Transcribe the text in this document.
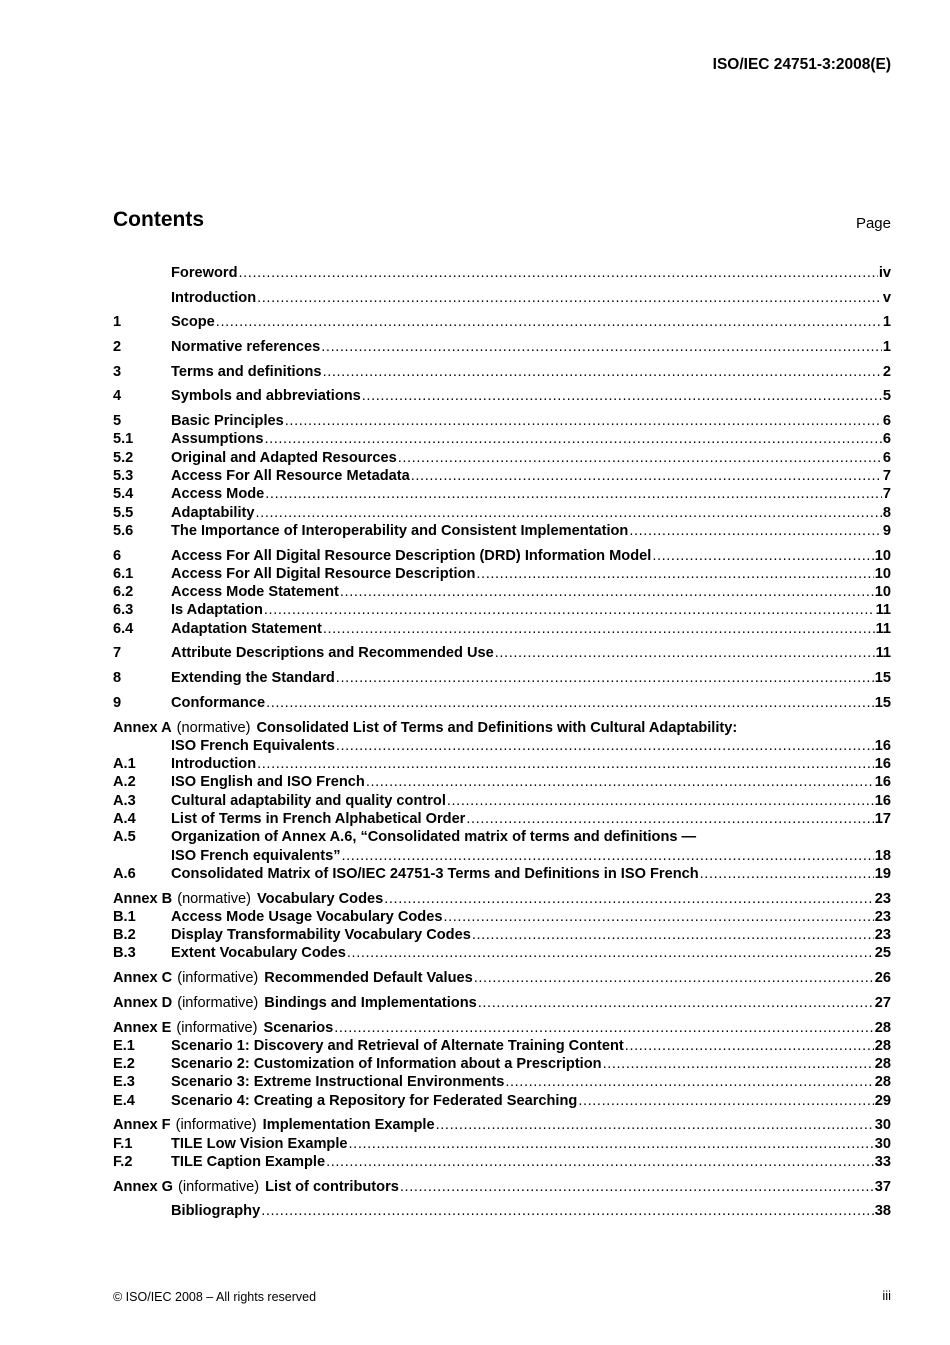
ISO/IEC 24751-3:2008(E)
Contents	Page
Foreword .....	iv
Introduction .....	v
1	Scope .....	1
2	Normative references .....	1
3	Terms and definitions .....	2
4	Symbols and abbreviations .....	5
5	Basic Principles .....	6
5.1	Assumptions .....	6
5.2	Original and Adapted Resources .....	6
5.3	Access For All Resource Metadata .....	7
5.4	Access Mode .....	7
5.5	Adaptability .....	8
5.6	The Importance of Interoperability and Consistent Implementation .....	9
6	Access For All Digital Resource Description (DRD) Information Model .....	10
6.1	Access For All Digital Resource Description .....	10
6.2	Access Mode Statement .....	10
6.3	Is Adaptation .....	11
6.4	Adaptation Statement .....	11
7	Attribute Descriptions and Recommended Use .....	11
8	Extending the Standard .....	15
9	Conformance .....	15
Annex A (normative) Consolidated List of Terms and Definitions with Cultural Adaptability:
ISO French Equivalents .....	16
A.1	Introduction .....	16
A.2	ISO English and ISO French .....	16
A.3	Cultural adaptability and quality control .....	16
A.4	List of Terms in French Alphabetical Order .....	17
A.5	Organization of Annex A.6, “Consolidated matrix of terms and definitions —
ISO French equivalents” .....	18
A.6	Consolidated Matrix of ISO/IEC 24751-3 Terms and Definitions in ISO French .....	19
Annex B (normative) Vocabulary Codes .....	23
B.1	Access Mode Usage Vocabulary Codes .....	23
B.2	Display Transformability Vocabulary Codes .....	23
B.3	Extent Vocabulary Codes .....	25
Annex C (informative) Recommended Default Values .....	26
Annex D (informative) Bindings and Implementations .....	27
Annex E (informative) Scenarios .....	28
E.1	Scenario 1: Discovery and Retrieval of Alternate Training Content .....	28
E.2	Scenario 2: Customization of Information about a Prescription .....	28
E.3	Scenario 3: Extreme Instructional Environments .....	28
E.4	Scenario 4: Creating a Repository for Federated Searching .....	29
Annex F (informative) Implementation Example .....	30
F.1	TILE Low Vision Example .....	30
F.2	TILE Caption Example .....	33
Annex G (informative) List of contributors .....	37
Bibliography .....	38
© ISO/IEC 2008 – All rights reserved	iii
